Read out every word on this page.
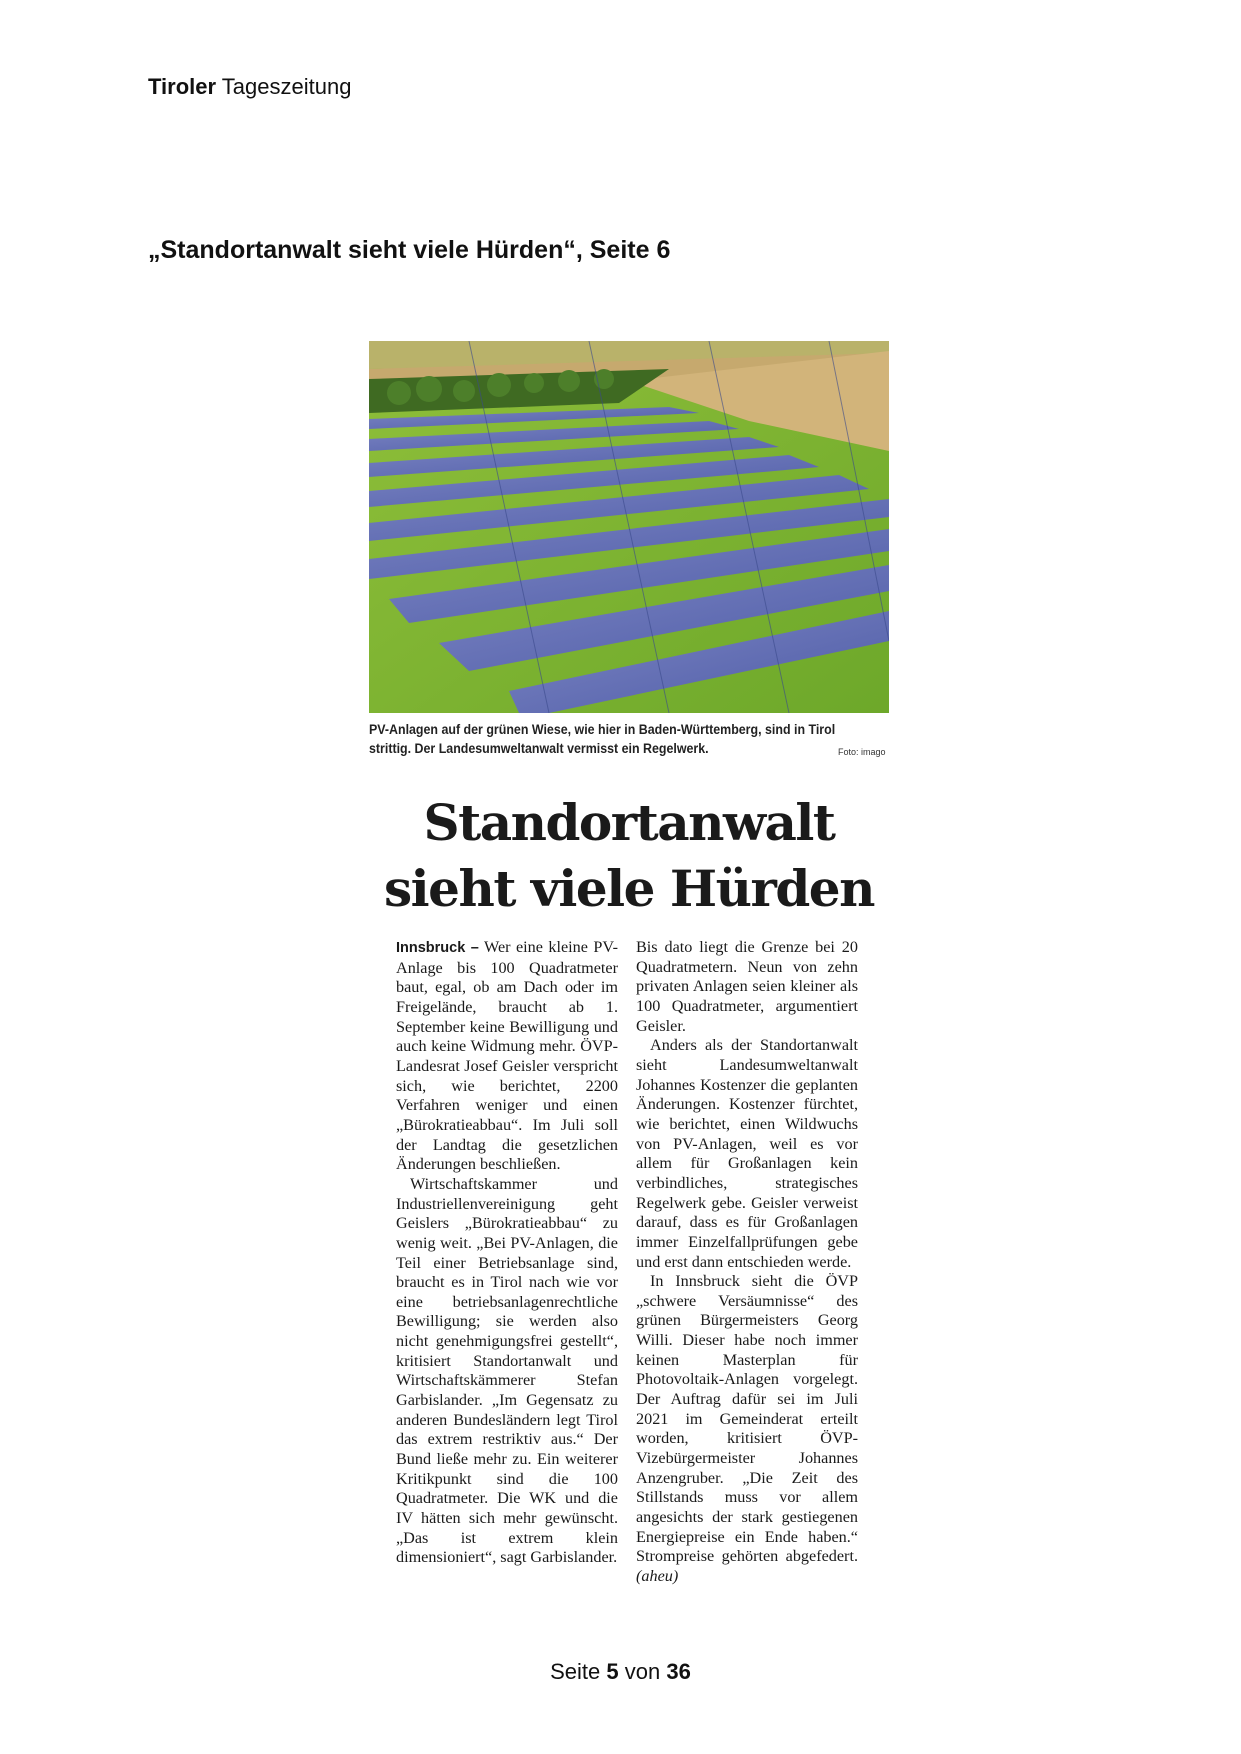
Tiroler Tageszeitung
„Standortanwalt sieht viele Hürden“, Seite 6
PV-Anlagen auf der grünen Wiese, wie hier in Baden-Württemberg, sind in Tirol strittig. Der Landesumweltanwalt vermisst ein Regelwerk.	Foto: imago
Standortanwalt
sieht viele Hürden

Innsbruck – Wer eine kleine PV-Anlage bis 100 Quadratmeter baut, egal, ob am Dach oder im Freigelände, braucht ab 1. September keine Bewilligung und auch keine Widmung mehr. ÖVP-Landesrat Josef Geisler verspricht sich, wie berichtet, 2200 Verfahren weniger und einen „Bürokratieabbau“. Im Juli soll der Landtag die gesetzlichen Änderungen beschließen.

Wirtschaftskammer und Industriellenvereinigung geht Geislers „Bürokratieabbau“ zu wenig weit. „Bei PV-Anlagen, die Teil einer Betriebsanlage sind, braucht es in Tirol nach wie vor eine betriebsanlagenrechtliche Bewilligung; sie werden also nicht genehmigungsfrei gestellt“, kritisiert Standortanwalt und Wirtschaftskämmerer Stefan Garbislander. „Im Gegensatz zu anderen Bundesländern legt Tirol das extrem restriktiv aus.“ Der Bund ließe mehr zu. Ein weiterer Kritikpunkt sind die 100 Quadratmeter. Die WK und die IV hätten sich mehr gewünscht. „Das ist extrem klein dimensioniert“, sagt Garbislander.

Bis dato liegt die Grenze bei 20 Quadratmetern. Neun von zehn privaten Anlagen seien kleiner als 100 Quadratmeter, argumentiert Geisler.

Anders als der Standortanwalt sieht Landesumweltanwalt Johannes Kostenzer die geplanten Änderungen. Kostenzer fürchtet, wie berichtet, einen Wildwuchs von PV-Anlagen, weil es vor allem für Großanlagen kein verbindliches, strategisches Regelwerk gebe. Geisler verweist darauf, dass es für Großanlagen immer Einzelfallprüfungen gebe und erst dann entschieden werde.

In Innsbruck sieht die ÖVP „schwere Versäumnisse“ des grünen Bürgermeisters Georg Willi. Dieser habe noch immer keinen Masterplan für Photovoltaik-Anlagen vorgelegt. Der Auftrag dafür sei im Juli 2021 im Gemeinderat erteilt worden, kritisiert ÖVP-Vizebürgermeister Johannes Anzengruber. „Die Zeit des Stillstands muss vor allem angesichts der stark gestiegenen Energiepreise ein Ende haben.“ Strompreise gehörten abgefedert. (aheu)

Seite 5 von 36
